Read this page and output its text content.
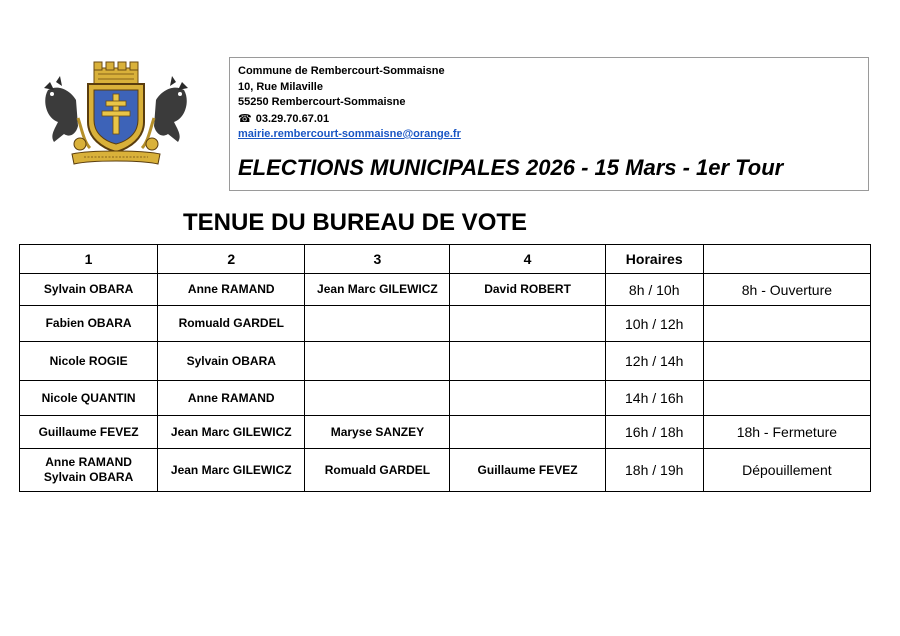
Commune de Rembercourt-Sommaisne
10, Rue Milaville
55250 Rembercourt-Sommaisne
☎ 03.29.70.67.01
mairie.rembercourt-sommaisne@orange.fr
ELECTIONS MUNICIPALES 2026 - 15 Mars - 1er Tour
TENUE DU BUREAU DE VOTE
1	2	3	4	Horaires	
Sylvain OBARA	Anne RAMAND	Jean Marc GILEWICZ	David ROBERT	8h / 10h	8h - Ouverture
Fabien OBARA	Romuald GARDEL			10h / 12h	
Nicole ROGIE	Sylvain OBARA			12h / 14h	
Nicole QUANTIN	Anne RAMAND			14h / 16h	
Guillaume FEVEZ	Jean Marc GILEWICZ	Maryse SANZEY		16h / 18h	18h - Fermeture

Anne RAMAND
Sylvain OBARA	Jean Marc GILEWICZ	Romuald GARDEL	Guillaume FEVEZ	18h / 19h	Dépouillement
